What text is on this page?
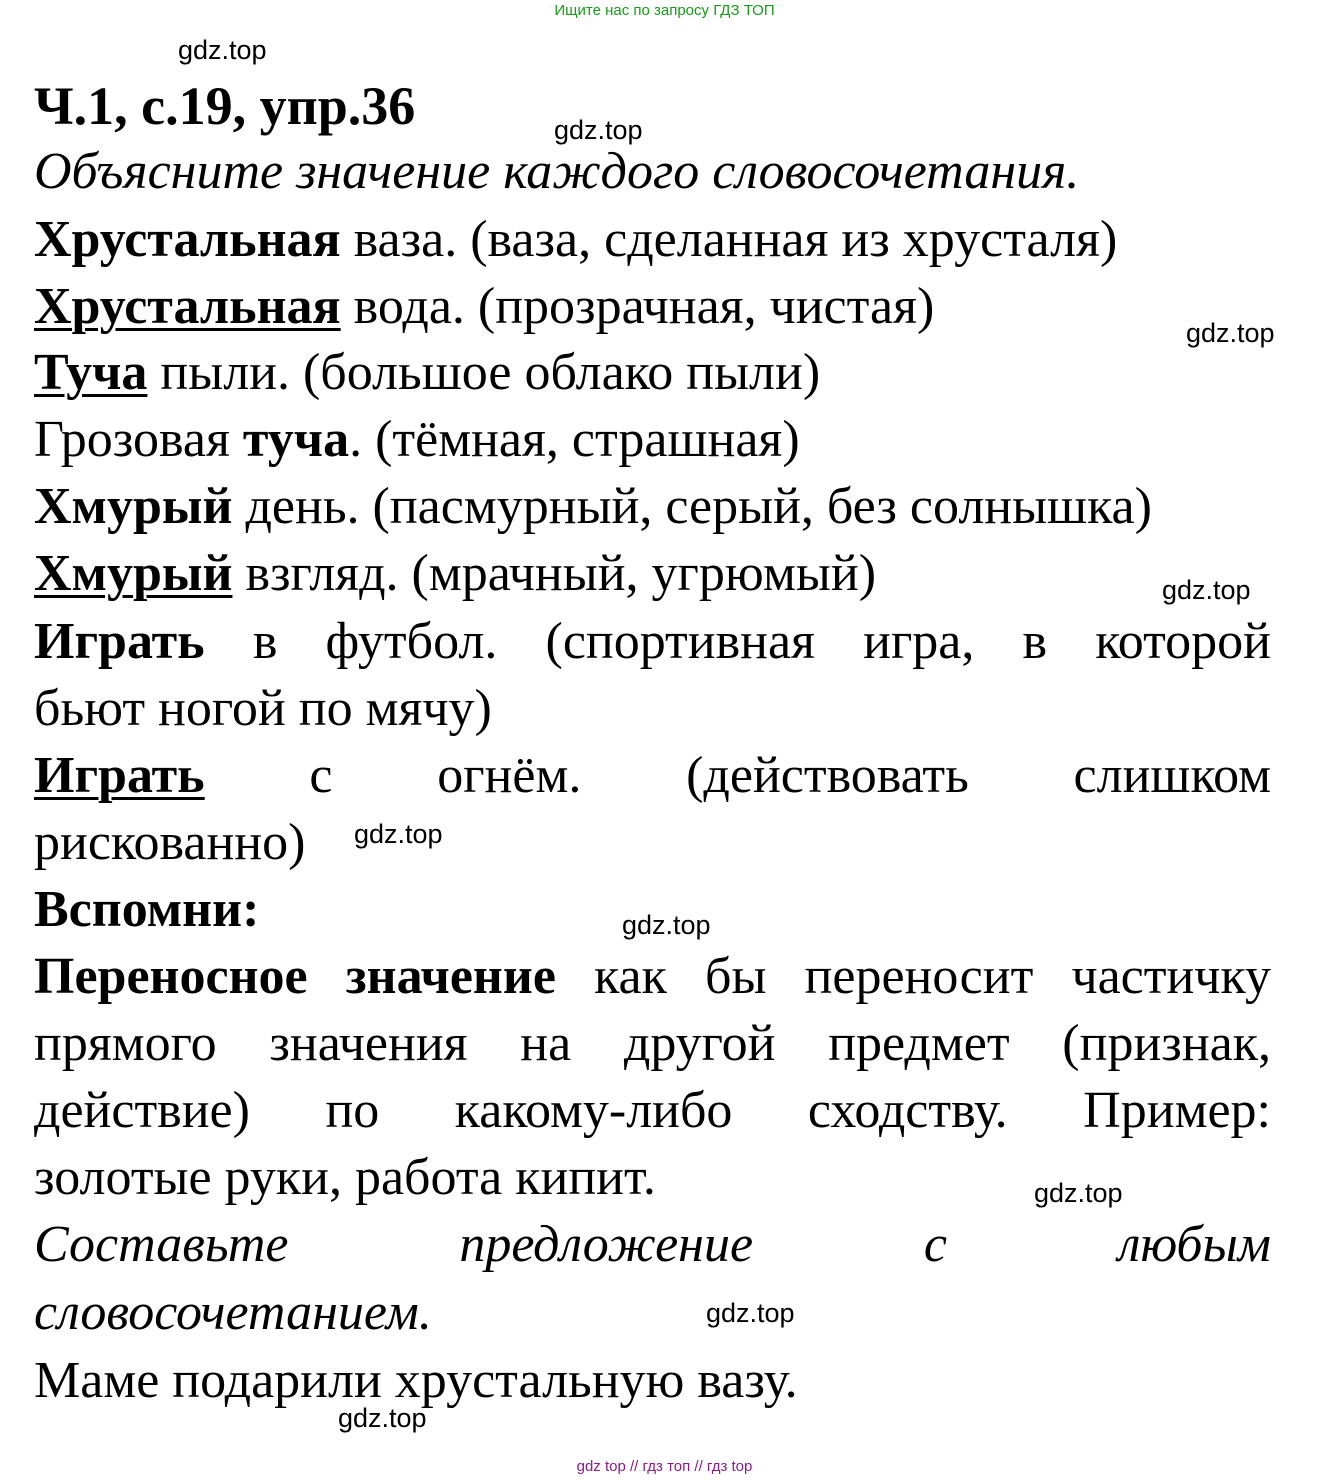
Ищите нас по запросу ГДЗ ТОП
Ч.1, с.19, упр.36
Объясните значение каждого словосочетания.
Хрустальная ваза. (ваза, сделанная из хрусталя)
Хрустальная вода. (прозрачная, чистая)
Туча пыли. (большое облако пыли)
Грозовая туча. (тёмная, страшная)
Хмурый день. (пасмурный, серый, без солнышка)
Хмурый взгляд. (мрачный, угрюмый)
Играть в футбол. (спортивная игра, в которой
бьют ногой по мячу)
Играть с огнём. (действовать слишком
рискованно)
Вспомни:
Переносное значение как бы переносит частичку
прямого значения на другой предмет (признак,
действие) по какому-либо сходству. Пример:
золотые руки, работа кипит.
Составьте предложение с любым
словосочетанием.
Маме подарили хрустальную вазу.
gdz.top
gdz.top
gdz.top
gdz.top
gdz.top
gdz.top
gdz.top
gdz.top
gdz.top
gdz top // гдз топ // гдз top
